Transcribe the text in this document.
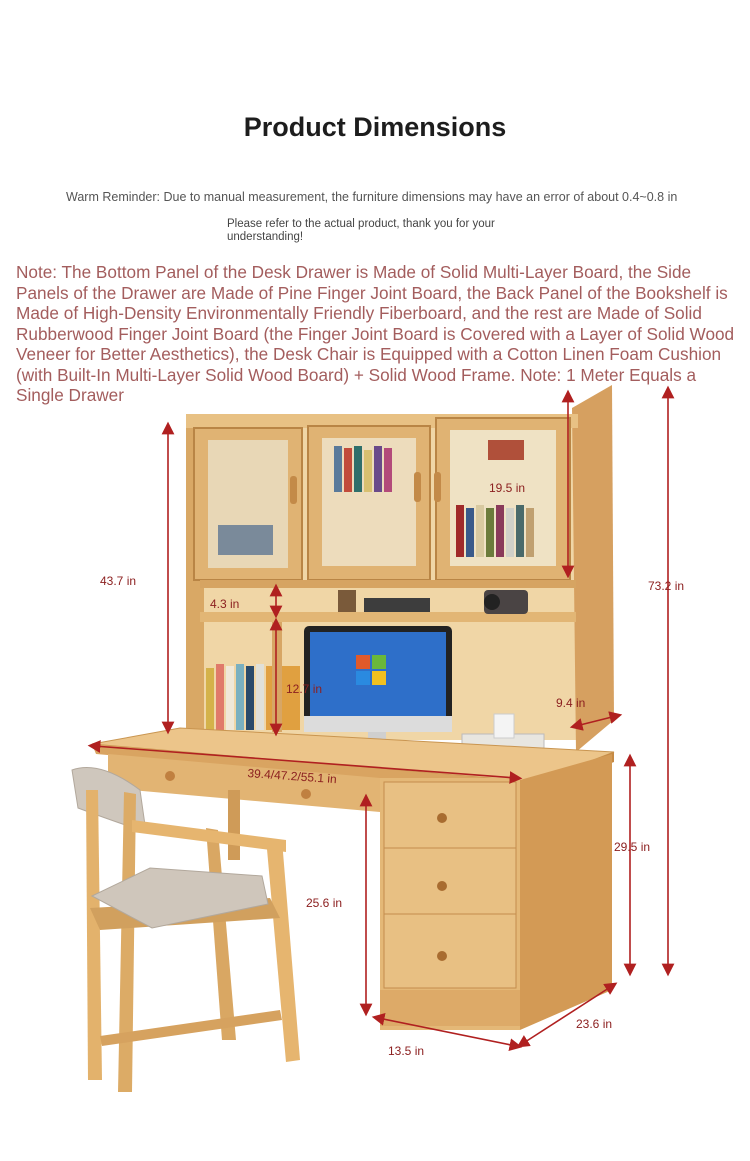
Product Dimensions
Warm Reminder: Due to manual measurement, the furniture dimensions may have an error of about 0.4~0.8 in
Please refer to the actual product, thank you for your understanding!
Note: The Bottom Panel of the Desk Drawer is Made of Solid Multi-Layer Board, the Side Panels of the Drawer are Made of Pine Finger Joint Board, the Back Panel of the Bookshelf is Made of High-Density Environmentally Friendly Fiberboard, and the rest are Made of Solid Rubberwood Finger Joint Board (the Finger Joint Board is Covered with a Layer of Solid Wood Veneer for Better Aesthetics), the Desk Chair is Equipped with a Cotton Linen Foam Cushion (with Built-In Multi-Layer Solid Wood Board) + Solid Wood Frame. Note: 1 Meter Equals a Single Drawer
43.7 in
19.5 in
73.2 in
4.3 in
12.7 in
9.4 in
39.4/47.2/55.1 in
29.5 in
25.6 in
23.6 in
13.5 in
